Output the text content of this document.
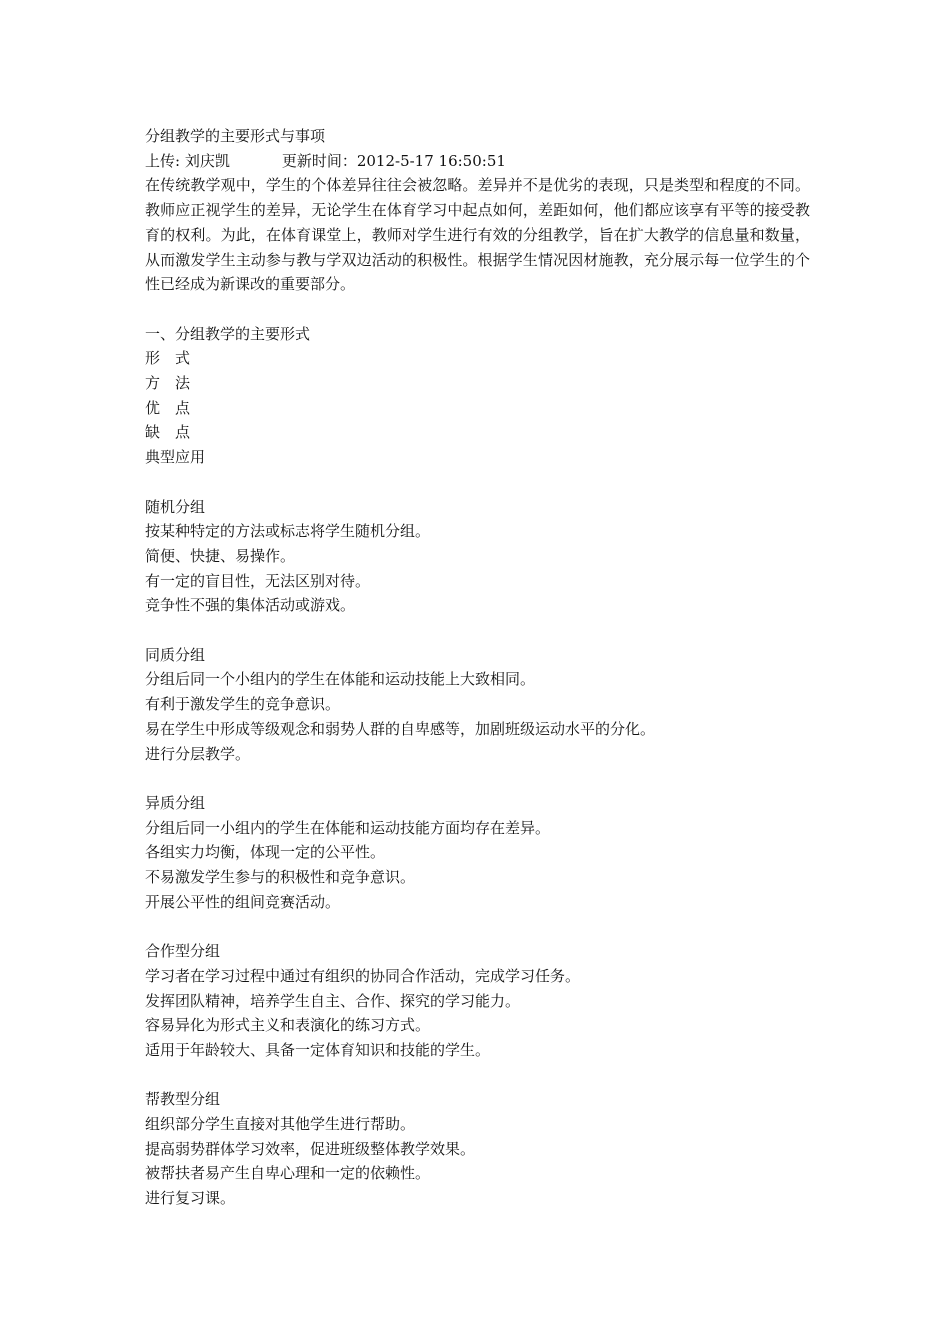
分组教学的主要形式与事项
上传: 刘庆凯	更新时间：2012-5-17 16:50:51
在传统教学观中，学生的个体差异往往会被忽略。差异并不是优劣的表现，只是类型和程度的不同。教师应正视学生的差异，无论学生在体育学习中起点如何，差距如何，他们都应该享有平等的接受教育的权利。为此，在体育课堂上，教师对学生进行有效的分组教学，旨在扩大教学的信息量和数量，从而激发学生主动参与教与学双边活动的积极性。根据学生情况因材施教，充分展示每一位学生的个性已经成为新课改的重要部分。
一、分组教学的主要形式
形　式
方　法
优　点
缺　点
典型应用
随机分组
按某种特定的方法或标志将学生随机分组。
简便、快捷、易操作。
有一定的盲目性，无法区别对待。
竞争性不强的集体活动或游戏。
同质分组
分组后同一个小组内的学生在体能和运动技能上大致相同。
有利于激发学生的竞争意识。
易在学生中形成等级观念和弱势人群的自卑感等，加剧班级运动水平的分化。
进行分层教学。
异质分组
分组后同一小组内的学生在体能和运动技能方面均存在差异。
各组实力均衡，体现一定的公平性。
不易激发学生参与的积极性和竞争意识。
开展公平性的组间竞赛活动。
合作型分组
学习者在学习过程中通过有组织的协同合作活动，完成学习任务。
发挥团队精神，培养学生自主、合作、探究的学习能力。
容易异化为形式主义和表演化的练习方式。
适用于年龄较大、具备一定体育知识和技能的学生。
帮教型分组
组织部分学生直接对其他学生进行帮助。
提高弱势群体学习效率，促进班级整体教学效果。
被帮扶者易产生自卑心理和一定的依赖性。
进行复习课。
